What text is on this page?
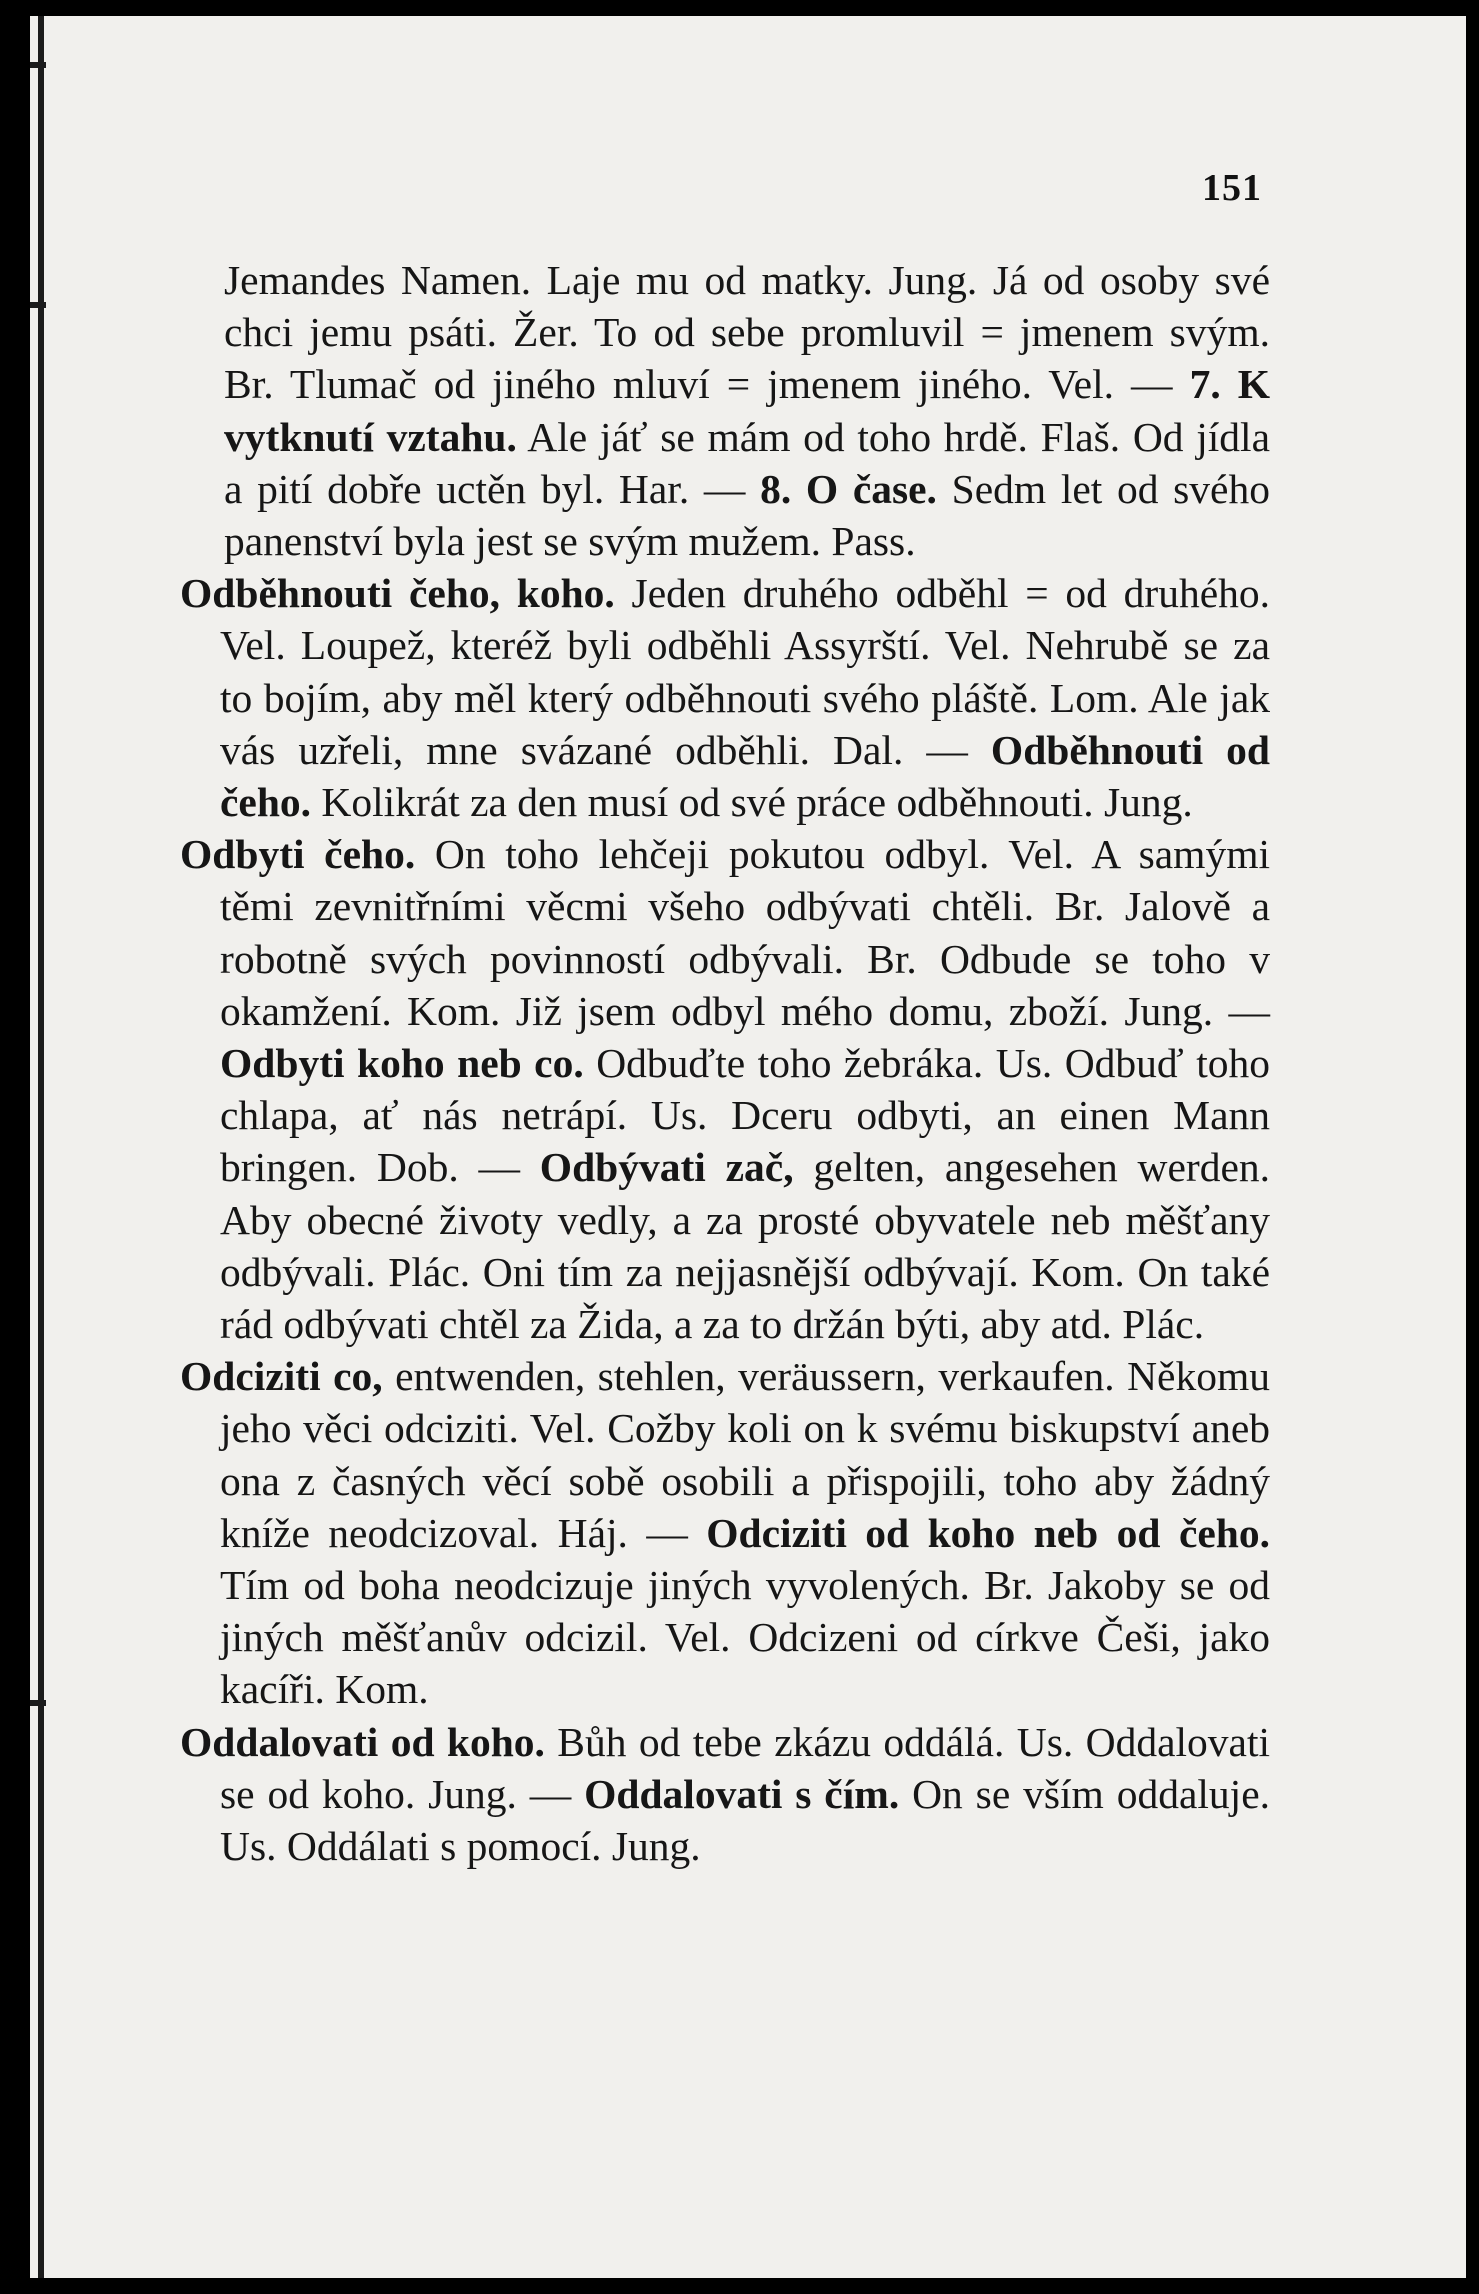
151

Jemandes Namen. Laje mu od matky. Jung. Já od osoby své chci jemu psáti. Žer. To od sebe promluvil = jmenem svým. Br. Tlumač od jiného mluví = jmenem jiného. Vel. — 7. K vytknutí vztahu. Ale jáť se mám od toho hrdě. Flaš. Od jídla a pití dobře uctěn byl. Har. — 8. O čase. Sedm let od svého panenství byla jest se svým mužem. Pass.

Odběhnouti čeho, koho. Jeden druhého odběhl = od druhého. Vel. Loupež, kteréž byli odběhli Assyrští. Vel. Nehrubě se za to bojím, aby měl který odběhnouti svého pláště. Lom. Ale jak vás uzřeli, mne svázané odběhli. Dal. — Odběhnouti od čeho. Kolikrát za den musí od své práce odběhnouti. Jung.

Odbyti čeho. On toho lehčeji pokutou odbyl. Vel. A samými těmi zevnitřními věcmi všeho odbývati chtěli. Br. Jalově a robotně svých povinností odbývali. Br. Odbude se toho v okamžení. Kom. Již jsem odbyl mého domu, zboží. Jung. — Odbyti koho neb co. Odbuďte toho žebráka. Us. Odbuď toho chlapa, ať nás netrápí. Us. Dceru odbyti, an einen Mann bringen. Dob. — Odbývati zač, gelten, angesehen werden. Aby obecné životy vedly, a za prosté obyvatele neb měšťany odbývali. Plác. Oni tím za nejjasnější odbývají. Kom. On také rád odbývati chtěl za Žida, a za to držán býti, aby atd. Plác.

Odciziti co, entwenden, stehlen, veräussern, verkaufen. Někomu jeho věci odciziti. Vel. Cožby koli on k svému biskupství aneb ona z časných věcí sobě osobili a přispojili, toho aby žádný kníže neodcizoval. Háj. — Odciziti od koho neb od čeho. Tím od boha neodcizuje jiných vyvolených. Br. Jakoby se od jiných měšťanův odcizil. Vel. Odcizeni od církve Češi, jako kacíři. Kom.

Oddalovati od koho. Bůh od tebe zkázu oddálá. Us. Oddalovati se od koho. Jung. — Oddalovati s čím. On se vším oddaluje. Us. Oddálati s pomocí. Jung.
